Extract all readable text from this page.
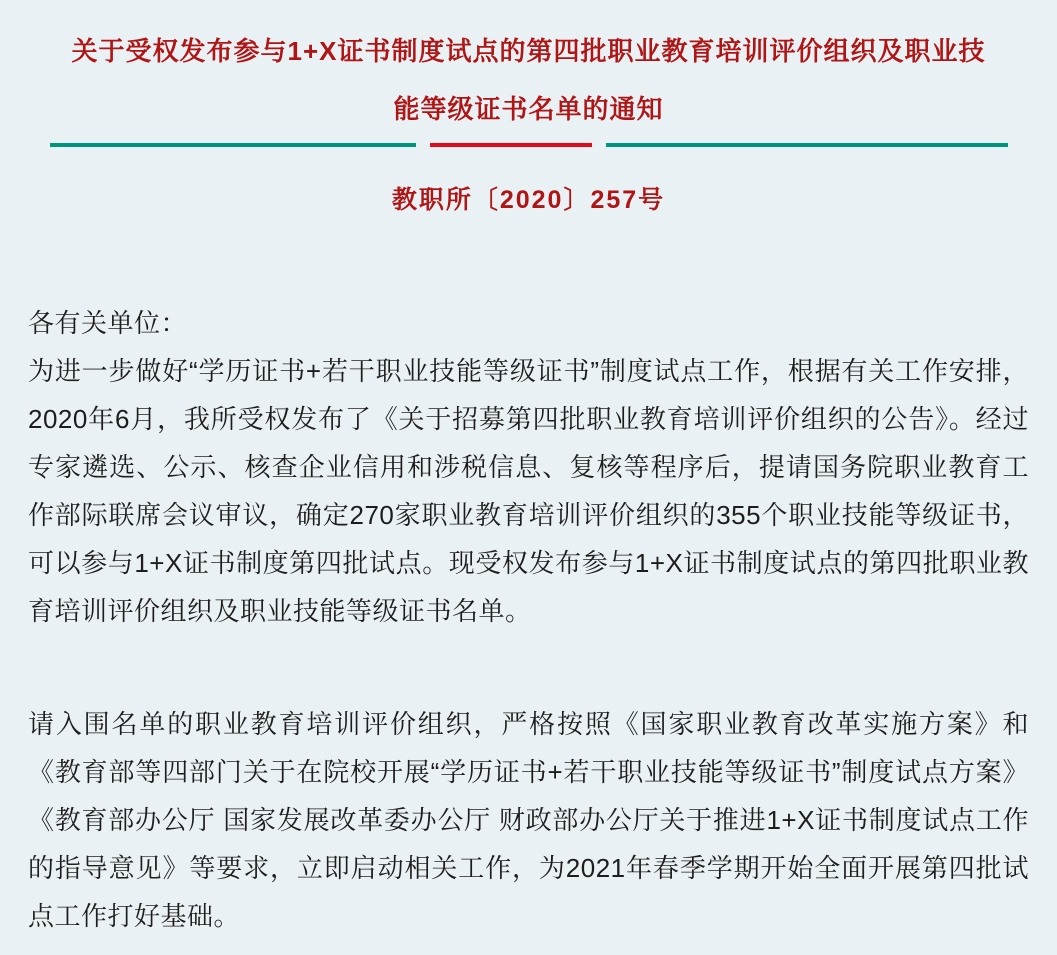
关于受权发布参与1+X证书制度试点的第四批职业教育培训评价组织及职业技能等级证书名单的通知
教职所〔2020〕257号

各有关单位：

为进一步做好“学历证书+若干职业技能等级证书”制度试点工作，根据有关工作安排，2020年6月，我所受权发布了《关于招募第四批职业教育培训评价组织的公告》。经过专家遴选、公示、核查企业信用和涉税信息、复核等程序后，提请国务院职业教育工作部际联席会议审议，确定270家职业教育培训评价组织的355个职业技能等级证书，可以参与1+X证书制度第四批试点。现受权发布参与1+X证书制度试点的第四批职业教育培训评价组织及职业技能等级证书名单。

请入围名单的职业教育培训评价组织，严格按照《国家职业教育改革实施方案》和《教育部等四部门关于在院校开展“学历证书+若干职业技能等级证书”制度试点方案》《教育部办公厅 国家发展改革委办公厅 财政部办公厅关于推进1+X证书制度试点工作的指导意见》等要求，立即启动相关工作，为2021年春季学期开始全面开展第四批试点工作打好基础。
